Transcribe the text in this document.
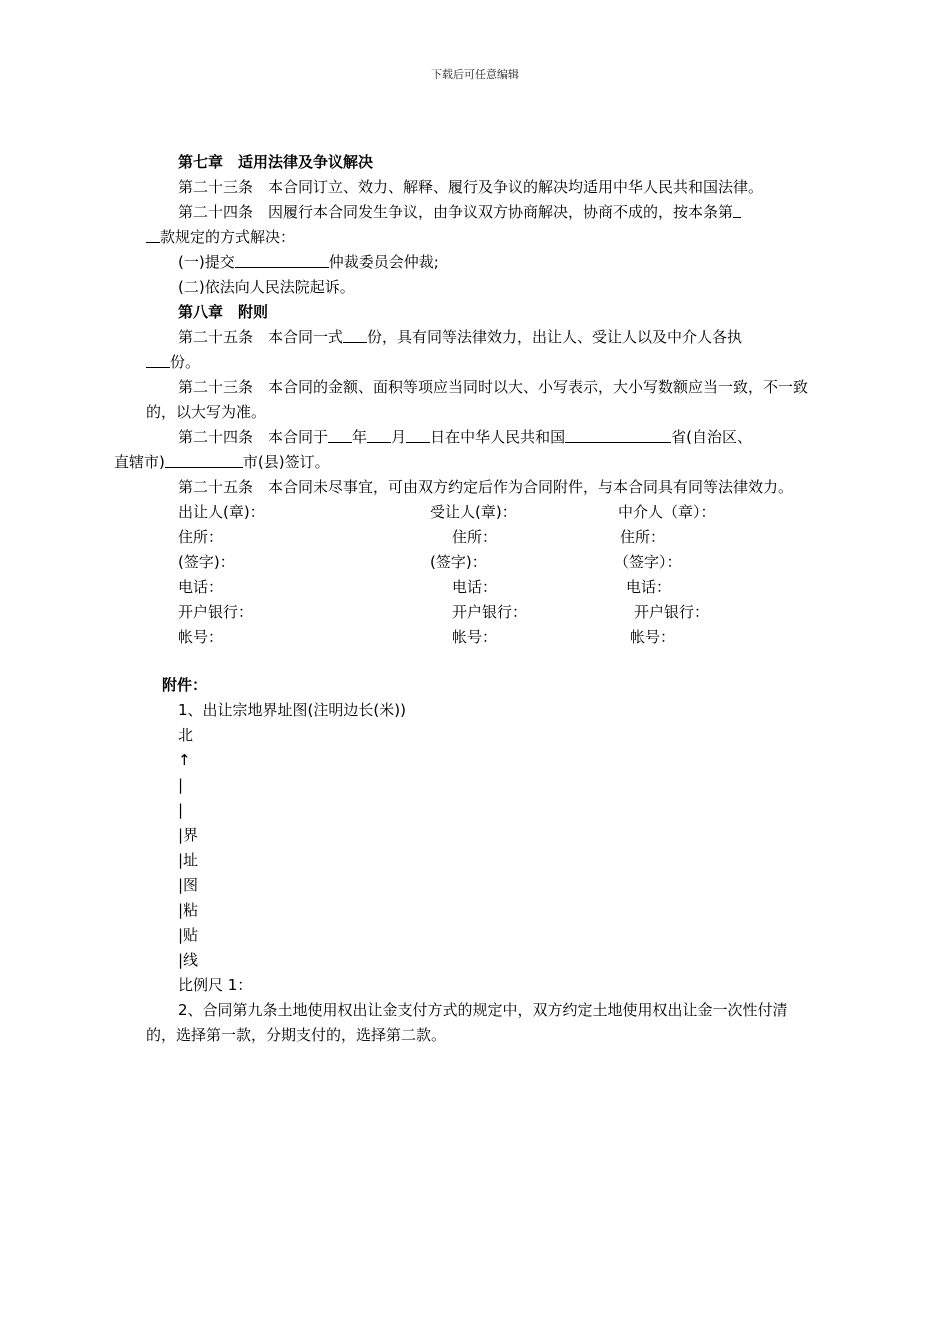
下载后可任意编辑

第七章　适用法律及争议解决

第二十三条　 本合同订立、效力、解释、履行及争议的解决均适用中华人民共和国法律。

第二十四条　 因履行本合同发生争议，由争议双方协商解决，协商不成的，按本条第
款规定的方式解决：

(一)提交	仲裁委员会仲裁;

(二)依法向人民法院起诉。

第八章　附则

第二十五条　 本合同一式 份，具有同等法律效力，出让人、受让人以及中介人各执
份。

第二十三条　 本合同的金额、面积等项应当同时以大、小写表示，大小写数额应当一致，不一致的，以大写为准。

第二十四条　 本合同于 年 月 日在中华人民共和国	省(自治区、
直辖市)	市(县)签订。

第二十五条　 本合同未尽事宜，可由双方约定后作为合同附件，与本合同具有同等法律效力。

出让人(章)：	受让人(章)：	中介人（章）：
住所：	住所：	住所：
(签字)：	(签字)：	（签字）：
电话：	电话：	电话：
开户银行：	开户银行：	开户银行：
帐号：	帐号：	帐号：

附件：

1、出让宗地界址图(注明边长(米))

北

↑

|

|

|界

|址

|图

|粘

|贴

|线

比例尺 1：

2、合同第九条土地使用权出让金支付方式的规定中，双方约定土地使用权出让金一次性付清的，选择第一款，分期支付的，选择第二款。
